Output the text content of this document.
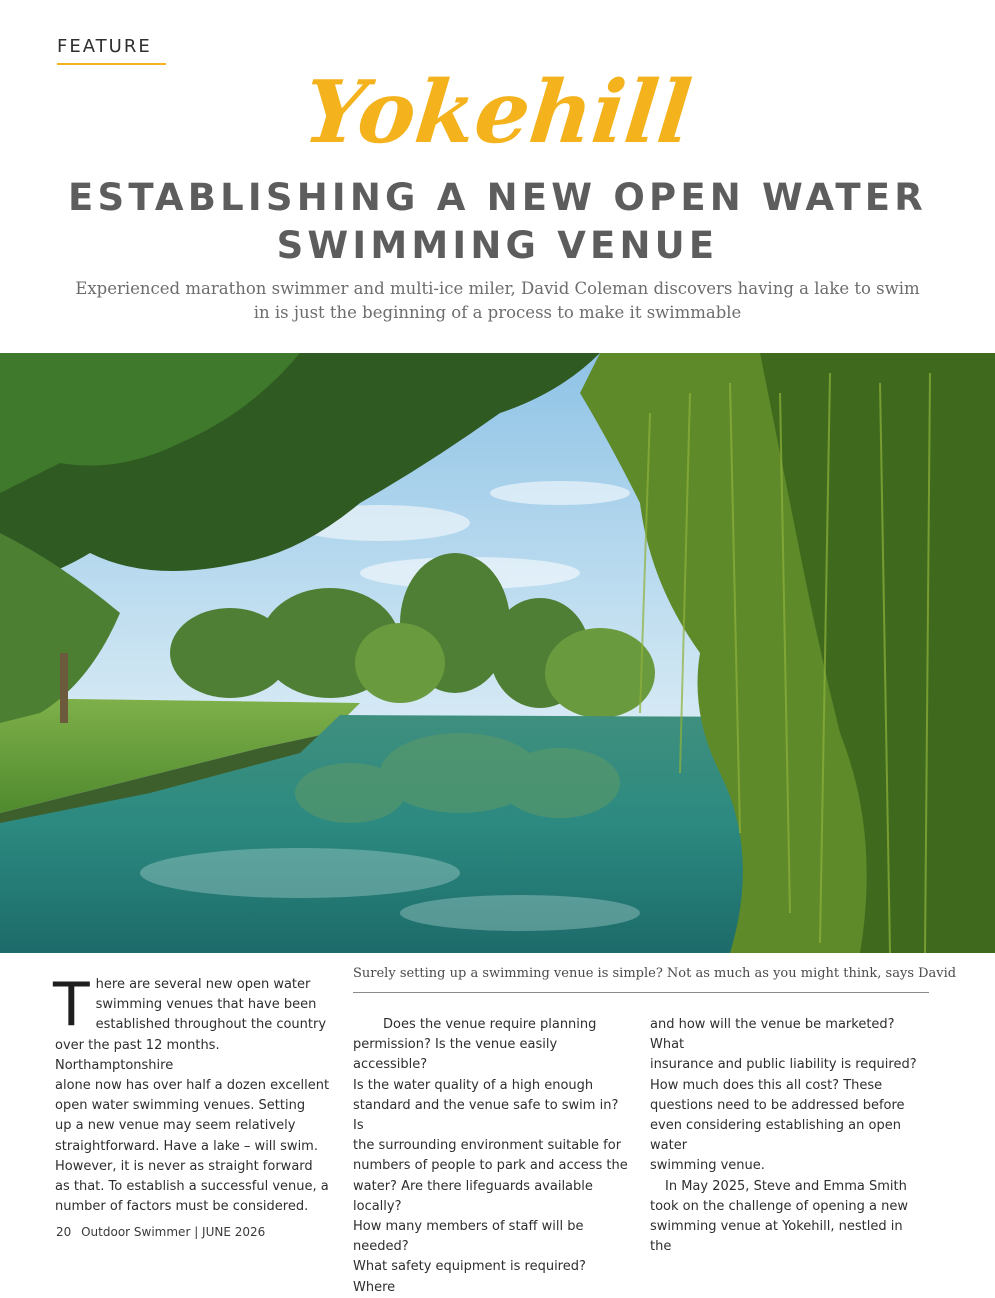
FEATURE
Yokehill
ESTABLISHING A NEW OPEN WATER
SWIMMING VENUE
Experienced marathon swimmer and multi-ice miler, David Coleman discovers having a lake to swim
in is just the beginning of a process to make it swimmable
Surely setting up a swimming venue is simple? Not as much as you might think, says David
T here are several new open water
swimming venues that have been
established throughout the country
over the past 12 months. Northamptonshire
alone now has over half a dozen excellent
open water swimming venues. Setting
up a new venue may seem relatively
straightforward. Have a lake – will swim.
However, it is never as straight forward
as that. To establish a successful venue, a
number of factors must be considered.

Does the venue require planning
permission? Is the venue easily accessible?
Is the water quality of a high enough
standard and the venue safe to swim in? Is
the surrounding environment suitable for
numbers of people to park and access the
water? Are there lifeguards available locally?
How many members of staff will be needed?
What safety equipment is required? Where

and how will the venue be marketed? What
insurance and public liability is required?
How much does this all cost? These
questions need to be addressed before
even considering establishing an open water
swimming venue.
In May 2025, Steve and Emma Smith
took on the challenge of opening a new
swimming venue at Yokehill, nestled in the

20 Outdoor Swimmer | JUNE 2026
